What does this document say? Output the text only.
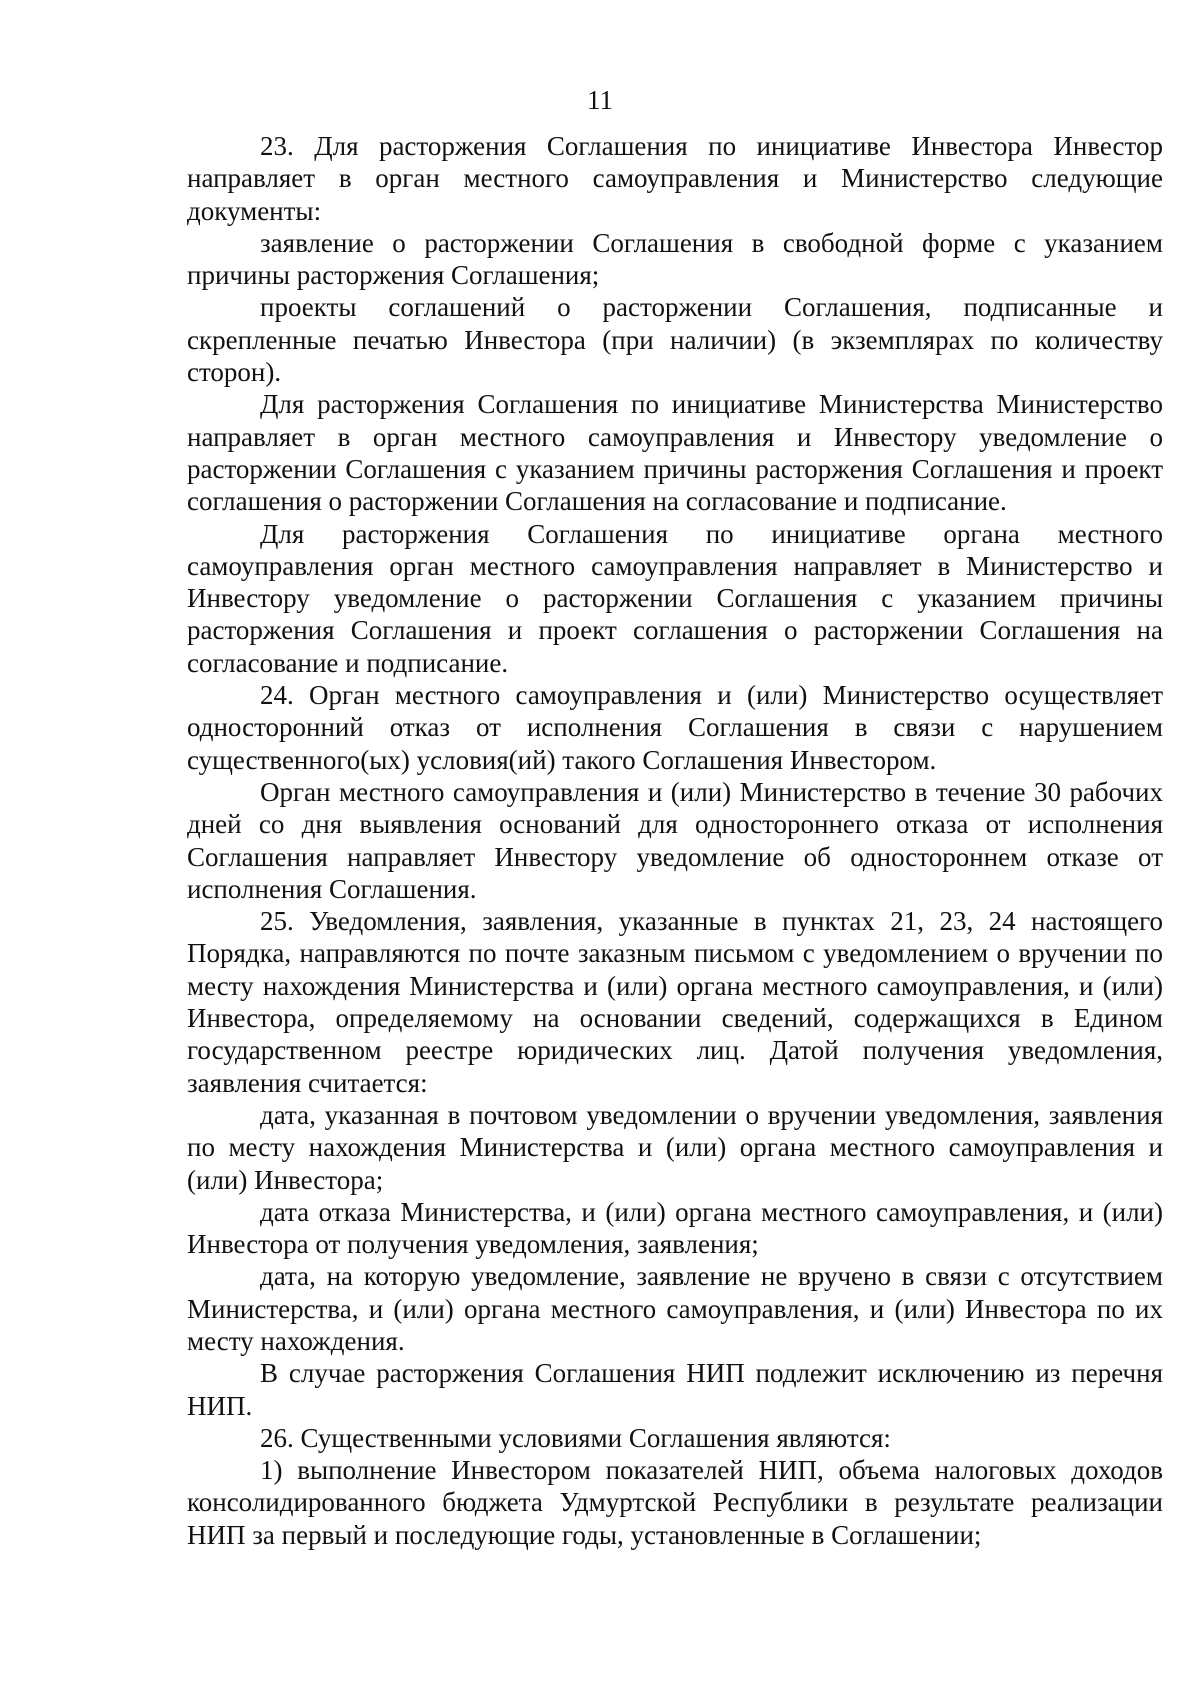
11

23. Для расторжения Соглашения по инициативе Инвестора Инвестор направляет в орган местного самоуправления и Министерство следующие документы:

заявление о расторжении Соглашения в свободной форме с указанием причины расторжения Соглашения;

проекты соглашений о расторжении Соглашения, подписанные и скрепленные печатью Инвестора (при наличии) (в экземплярах по количеству сторон).

Для расторжения Соглашения по инициативе Министерства Министерство направляет в орган местного самоуправления и Инвестору уведомление о расторжении Соглашения с указанием причины расторжения Соглашения и проект соглашения о расторжении Соглашения на согласование и подписание.

Для расторжения Соглашения по инициативе органа местного самоуправления орган местного самоуправления направляет в Министерство и Инвестору уведомление о расторжении Соглашения с указанием причины расторжения Соглашения и проект соглашения о расторжении Соглашения на согласование и подписание.

24. Орган местного самоуправления и (или) Министерство осуществляет односторонний отказ от исполнения Соглашения в связи с нарушением существенного(ых) условия(ий) такого Соглашения Инвестором.

Орган местного самоуправления и (или) Министерство в течение 30 рабочих дней со дня выявления оснований для одностороннего отказа от исполнения Соглашения направляет Инвестору уведомление об одностороннем отказе от исполнения Соглашения.

25. Уведомления, заявления, указанные в пунктах 21, 23, 24 настоящего Порядка, направляются по почте заказным письмом с уведомлением о вручении по месту нахождения Министерства и (или) органа местного самоуправления, и (или) Инвестора, определяемому на основании сведений, содержащихся в Едином государственном реестре юридических лиц. Датой получения уведомления, заявления считается:

дата, указанная в почтовом уведомлении о вручении уведомления, заявления по месту нахождения Министерства и (или) органа местного самоуправления и (или) Инвестора;

дата отказа Министерства, и (или) органа местного самоуправления, и (или) Инвестора от получения уведомления, заявления;

дата, на которую уведомление, заявление не вручено в связи с отсутствием Министерства, и (или) органа местного самоуправления, и (или) Инвестора по их месту нахождения.

В случае расторжения Соглашения НИП подлежит исключению из перечня НИП.

26. Существенными условиями Соглашения являются:

1) выполнение Инвестором показателей НИП, объема налоговых доходов консолидированного бюджета Удмуртской Республики в результате реализации НИП за первый и последующие годы, установленные в Соглашении;
